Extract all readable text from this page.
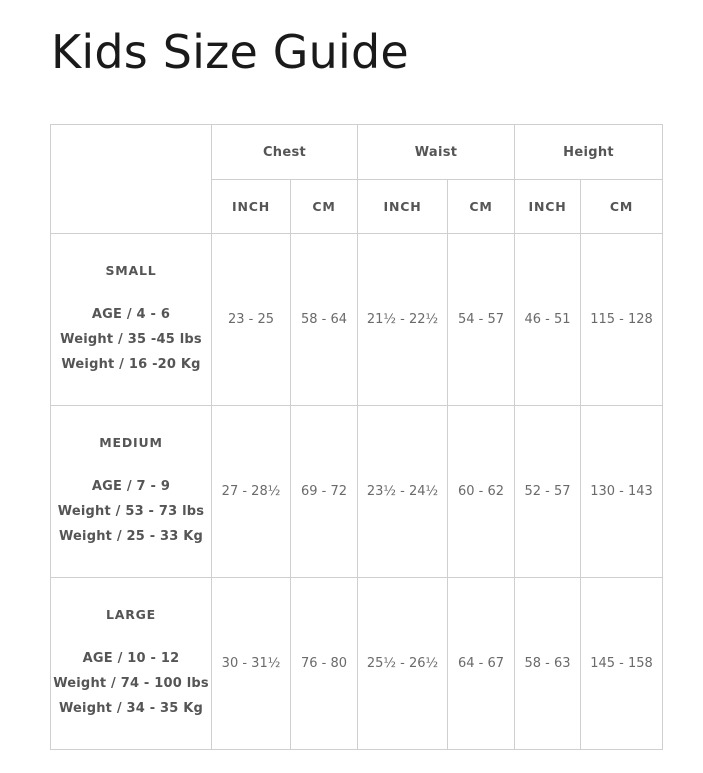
Kids Size Guide
	Chest		Waist		Height	
	INCH	CM	INCH	CM	INCH	CM

SMALL
AGE / 4 - 6
Weight / 35 -45 lbs
Weight / 16 -20 Kg	23 - 25	58 - 64	21½ - 22½	54 - 57	46 - 51	115 - 128

MEDIUM
AGE / 7 - 9
Weight / 53 - 73 lbs
Weight / 25 - 33 Kg	27 - 28½	69 - 72	23½ - 24½	60 - 62	52 - 57	130 - 143

LARGE
AGE / 10 - 12
Weight / 74 - 100 lbs
Weight / 34 - 35 Kg	30 - 31½	76 - 80	25½ - 26½	64 - 67	58 - 63	145 - 158
